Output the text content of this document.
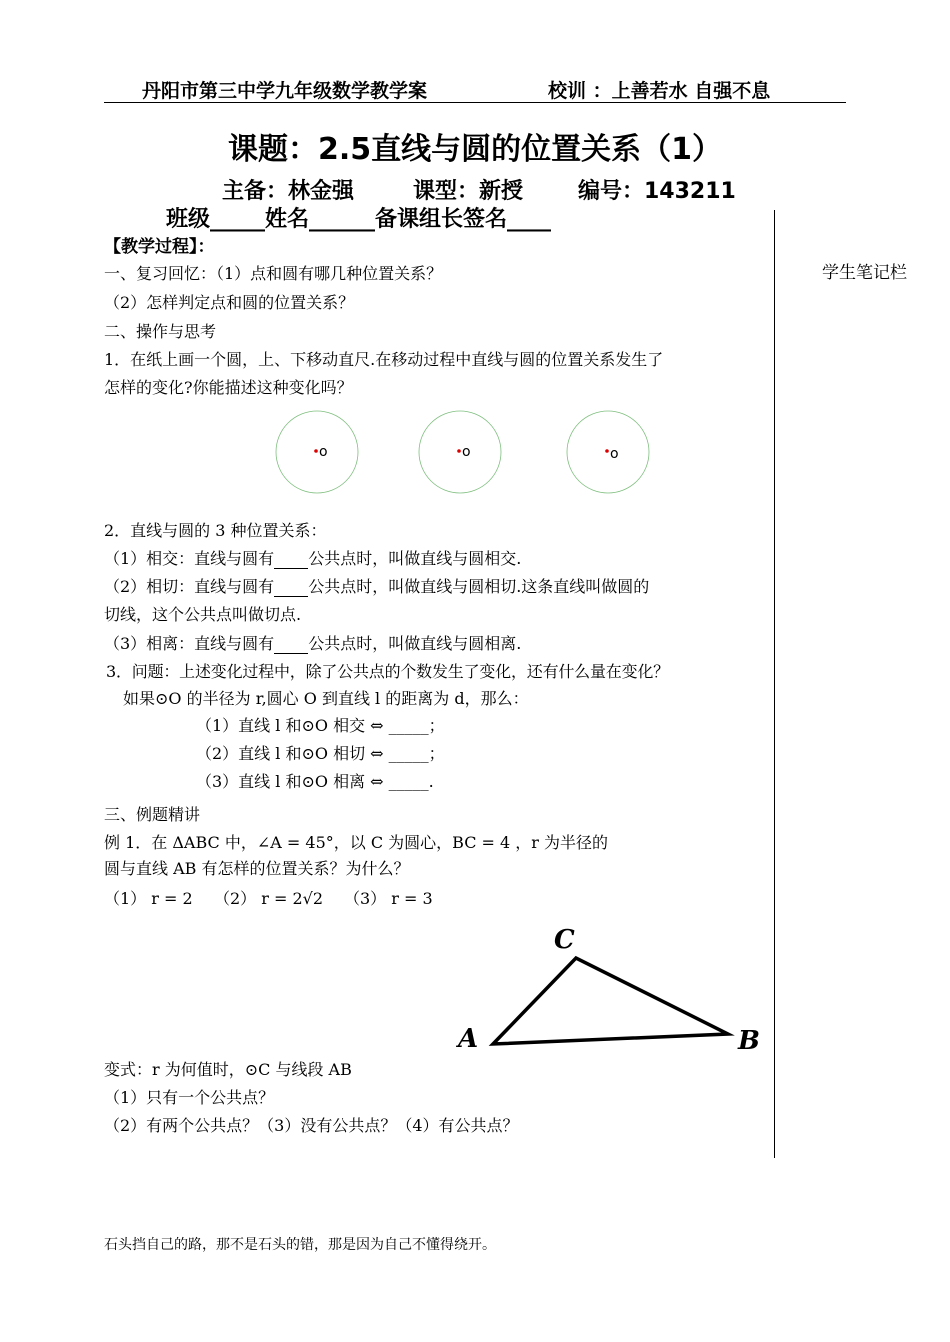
丹阳市第三中学九年级数学教学案	校训 ：上善若水 自强不息
课题：2.5直线与圆的位置关系（1）
主备：林金强	课型：新授 编号：143211
班级_____姓名______备课组长签名____
学生笔记栏
【教学过程】：
一、复习回忆：（1）点和圆有哪几种位置关系？
（2）怎样判定点和圆的位置关系？
二、操作与思考
1．在纸上画一个圆，上、下移动直尺.在移动过程中直线与圆的位置关系发生了
怎样的变化?你能描述这种变化吗？
o	o	o
2．直线与圆的 3 种位置关系：
（1）相交：直线与圆有 公共点时，叫做直线与圆相交.
（2）相切：直线与圆有 公共点时，叫做直线与圆相切.这条直线叫做圆的
切线，这个公共点叫做切点.
（3）相离：直线与圆有 公共点时，叫做直线与圆相离.
3．问题：上述变化过程中，除了公共点的个数发生了变化，还有什么量在变化？
如果⊙O 的半径为 r,圆心 O 到直线 l 的距离为 d，那么：
（1）直线 l 和⊙O 相交 ⇔ _____；
（2）直线 l 和⊙O 相切 ⇔ _____；
（3）直线 l 和⊙O 相离 ⇔ _____.
三、例题精讲
例 1．在 ΔABC 中，∠A = 45°，以 C 为圆心，BC = 4 ，r 为半径的
圆与直线 AB 有怎样的位置关系？为什么？
（1） r = 2 （2） r = 2√2 （3） r = 3
A	B
C
变式：r 为何值时，⊙C 与线段 AB
（1）只有一个公共点？
（2）有两个公共点？（3）没有公共点？（4）有公共点？
石头挡自己的路，那不是石头的错，那是因为自己不懂得绕开。
